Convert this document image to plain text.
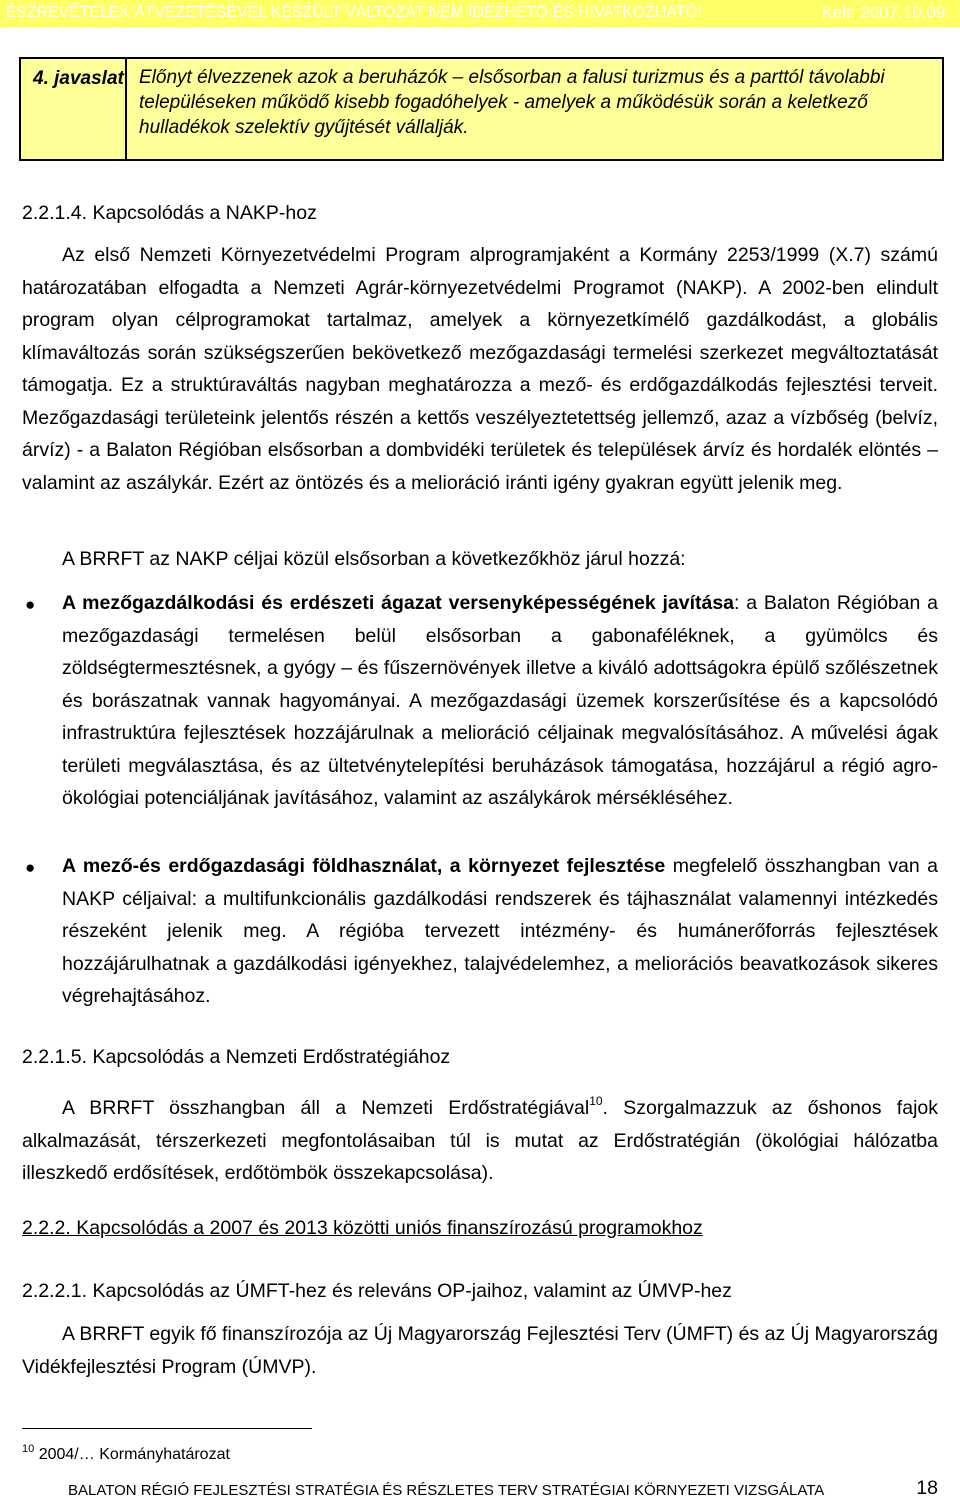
ÉSZREVÉTELEK ÁTVEZETÉSÉVEL KÉSZÜLT VÁLTOZAT NEM IDÉZHETŐ ÉS HIVATKOZHATÓ!	Kelt: 2007.10.09.
4. javaslat Előnyt élvezzenek azok a beruházók – elsősorban a falusi turizmus és a parttól távolabbi településeken működő kisebb fogadóhelyek - amelyek a működésük során a keletkező hulladékok szelektív gyűjtését vállalják.
2.2.1.4. Kapcsolódás a NAKP-hoz
Az első Nemzeti Környezetvédelmi Program alprogramjaként a Kormány 2253/1999 (X.7) számú határozatában elfogadta a Nemzeti Agrár-környezetvédelmi Programot (NAKP). A 2002-ben elindult program olyan célprogramokat tartalmaz, amelyek a környezetkímélő gazdálkodást, a globális klímaváltozás során szükségszerűen bekövetkező mezőgazdasági termelési szerkezet megváltoztatását támogatja. Ez a struktúraváltás nagyban meghatározza a mező- és erdőgazdálkodás fejlesztési terveit. Mezőgazdasági területeink jelentős részén a kettős veszélyeztetettség jellemző, azaz a vízbőség (belvíz, árvíz) - a Balaton Régióban elsősorban a dombvidéki területek és települések árvíz és hordalék elöntés –valamint az aszálykár. Ezért az öntözés és a melioráció iránti igény gyakran együtt jelenik meg.
A BRRFT az NAKP céljai közül elsősorban a következőkhöz járul hozzá:
● A mezőgazdálkodási és erdészeti ágazat versenyképességének javítása: a Balaton Régióban a mezőgazdasági termelésen belül elsősorban a gabonaféléknek, a gyümölcs és zöldségtermesztésnek, a gyógy – és fűszernövények illetve a kiváló adottságokra épülő szőlészetnek és borászatnak vannak hagyományai. A mezőgazdasági üzemek korszerűsítése és a kapcsolódó infrastruktúra fejlesztések hozzájárulnak a melioráció céljainak megvalósításához. A művelési ágak területi megválasztása, és az ültetvénytelepítési beruházások támogatása, hozzájárul a régió agro-ökológiai potenciáljának javításához, valamint az aszálykárok mérsékléséhez.
● A mező-és erdőgazdasági földhasználat, a környezet fejlesztése megfelelő összhangban van a NAKP céljaival: a multifunkcionális gazdálkodási rendszerek és tájhasználat valamennyi intézkedés részeként jelenik meg. A régióba tervezett intézmény- és humánerőforrás fejlesztések hozzájárulhatnak a gazdálkodási igényekhez, talajvédelemhez, a meliorációs beavatkozások sikeres végrehajtásához.
2.2.1.5. Kapcsolódás a Nemzeti Erdőstratégiához
A BRRFT összhangban áll a Nemzeti Erdőstratégiával$^{10}$. Szorgalmazzuk az őshonos fajok alkalmazását, térszerkezeti megfontolásaiban túl is mutat az Erdőstratégián (ökológiai hálózatba illeszkedő erdősítések, erdőtömbök összekapcsolása).
2.2.2. Kapcsolódás a 2007 és 2013 közötti uniós finanszírozású programokhoz
2.2.2.1. Kapcsolódás az ÚMFT-hez és releváns OP-jaihoz, valamint az ÚMVP-hez
A BRRFT egyik fő finanszírozója az Új Magyarország Fejlesztési Terv (ÚMFT) és az Új Magyarország Vidékfejlesztési Program (ÚMVP).
$^{10}$ 2004/… Kormányhatározat
BALATON RÉGIÓ FEJLESZTÉSI STRATÉGIA ÉS RÉSZLETES TERV STRATÉGIAI KÖRNYEZETI VIZSGÁLATA	18
